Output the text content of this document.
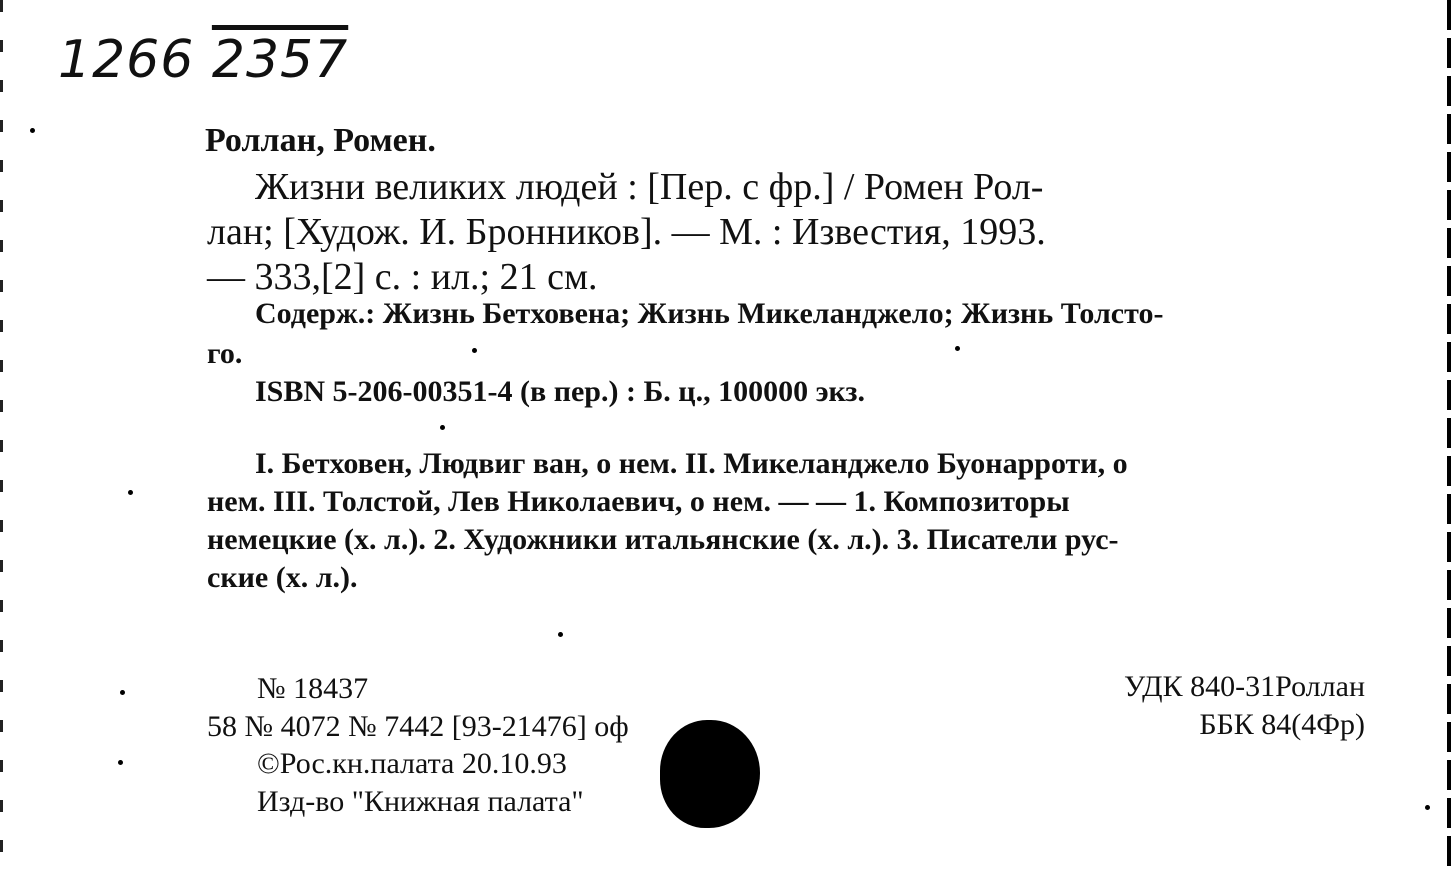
1266 2357
Роллан, Ромен.
Жизни великих людей : [Пер. с фр.] / Ромен Рол-
лан; [Худож. И. Бронников]. — М. : Известия, 1993.
— 333,[2] с. : ил.; 21 см.
Содерж.: Жизнь Бетховена; Жизнь Микеланджело; Жизнь Толсто-
го.
ISBN 5-206-00351-4 (в пер.) : Б. ц., 100000 экз.
I. Бетховен, Людвиг ван, о нем. II. Микеланджело Буонарроти, о
нем. III. Толстой, Лев Николаевич, о нем. — — 1. Композиторы
немецкие (х. л.). 2. Художники итальянские (х. л.). 3. Писатели рус-
ские (х. л.).
№ 18437
58 № 4072 № 7442 [93-21476] оф
©Рос.кн.палата 20.10.93
Изд-во "Книжная палата"
УДК 840-31Роллан
ББК 84(4Фр)
